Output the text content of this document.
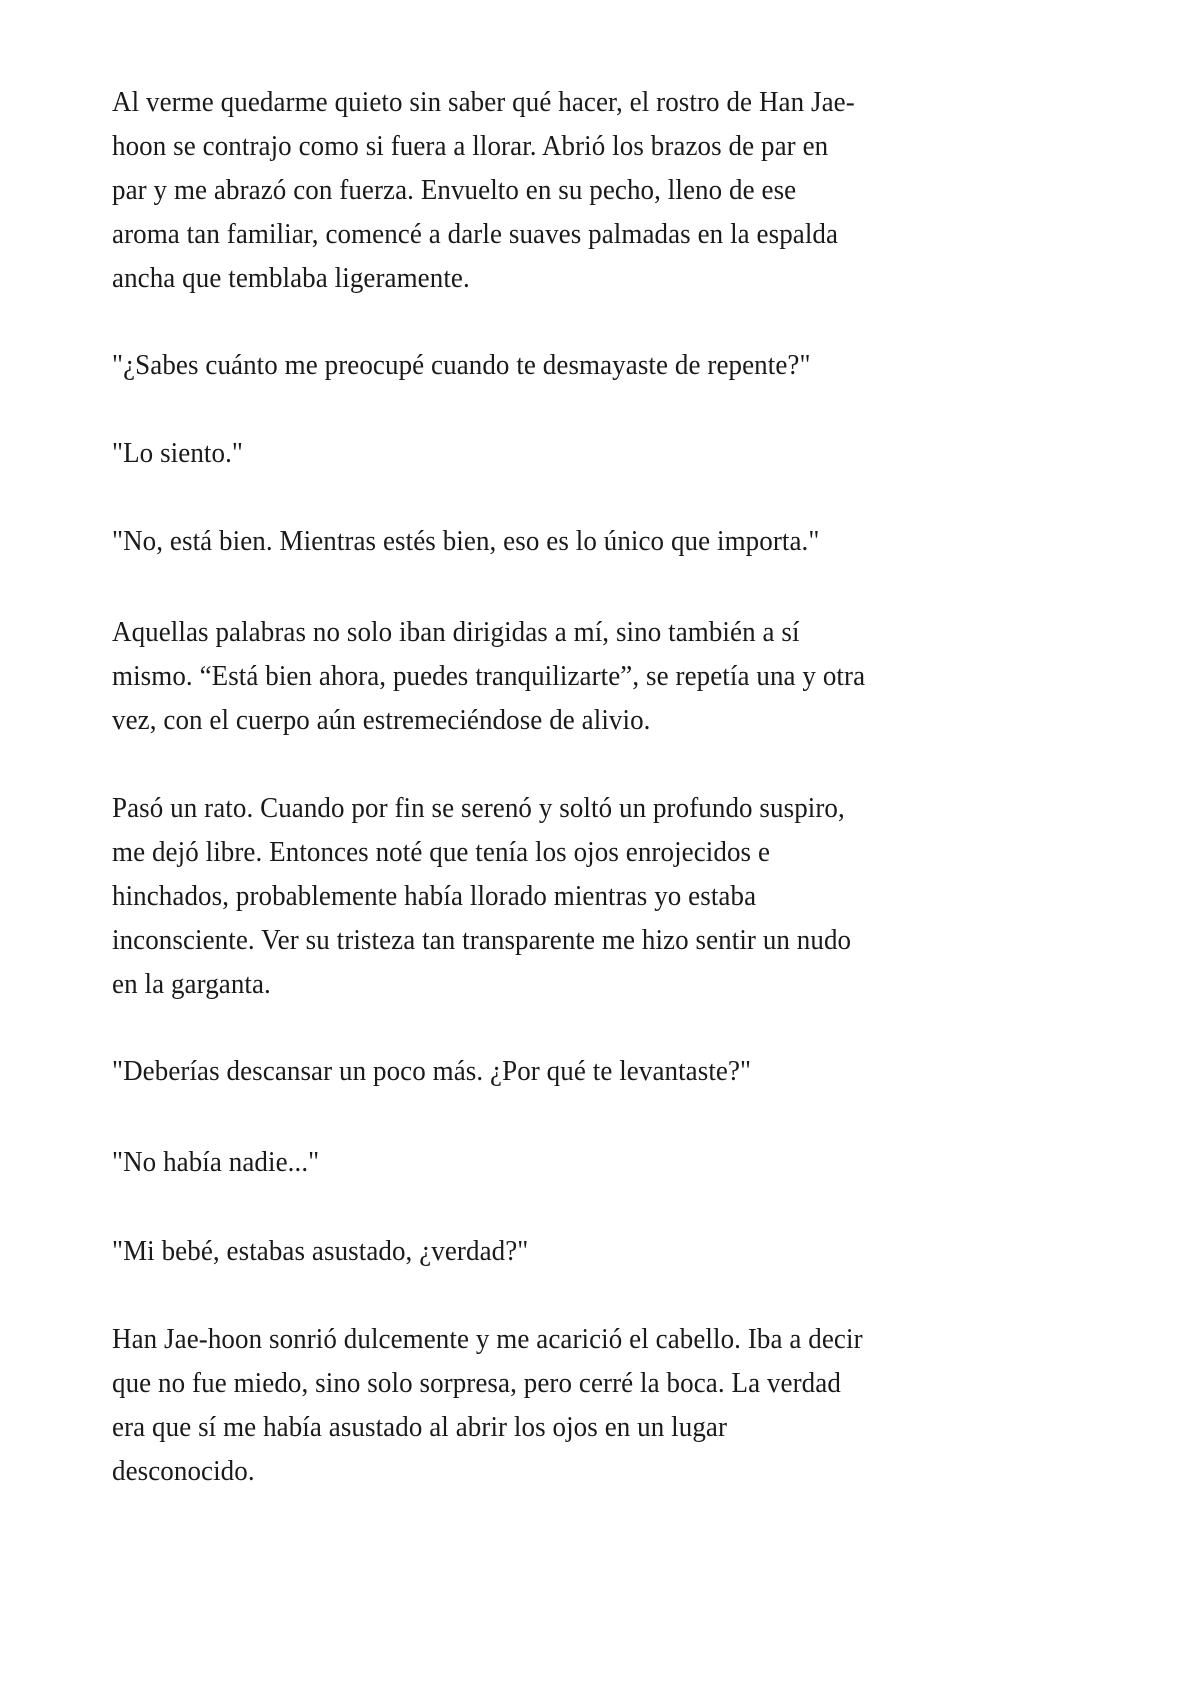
Al verme quedarme quieto sin saber qué hacer, el rostro de Han Jae-
hoon se contrajo como si fuera a llorar. Abrió los brazos de par en
par y me abrazó con fuerza. Envuelto en su pecho, lleno de ese
aroma tan familiar, comencé a darle suaves palmadas en la espalda
ancha que temblaba ligeramente.
"¿Sabes cuánto me preocupé cuando te desmayaste de repente?"
"Lo siento."
"No, está bien. Mientras estés bien, eso es lo único que importa."
Aquellas palabras no solo iban dirigidas a mí, sino también a sí
mismo. “Está bien ahora, puedes tranquilizarte”, se repetía una y otra
vez, con el cuerpo aún estremeciéndose de alivio.
Pasó un rato. Cuando por fin se serenó y soltó un profundo suspiro,
me dejó libre. Entonces noté que tenía los ojos enrojecidos e
hinchados, probablemente había llorado mientras yo estaba
inconsciente. Ver su tristeza tan transparente me hizo sentir un nudo
en la garganta.
"Deberías descansar un poco más. ¿Por qué te levantaste?"
"No había nadie..."
"Mi bebé, estabas asustado, ¿verdad?"
Han Jae-hoon sonrió dulcemente y me acarició el cabello. Iba a decir
que no fue miedo, sino solo sorpresa, pero cerré la boca. La verdad
era que sí me había asustado al abrir los ojos en un lugar
desconocido.
